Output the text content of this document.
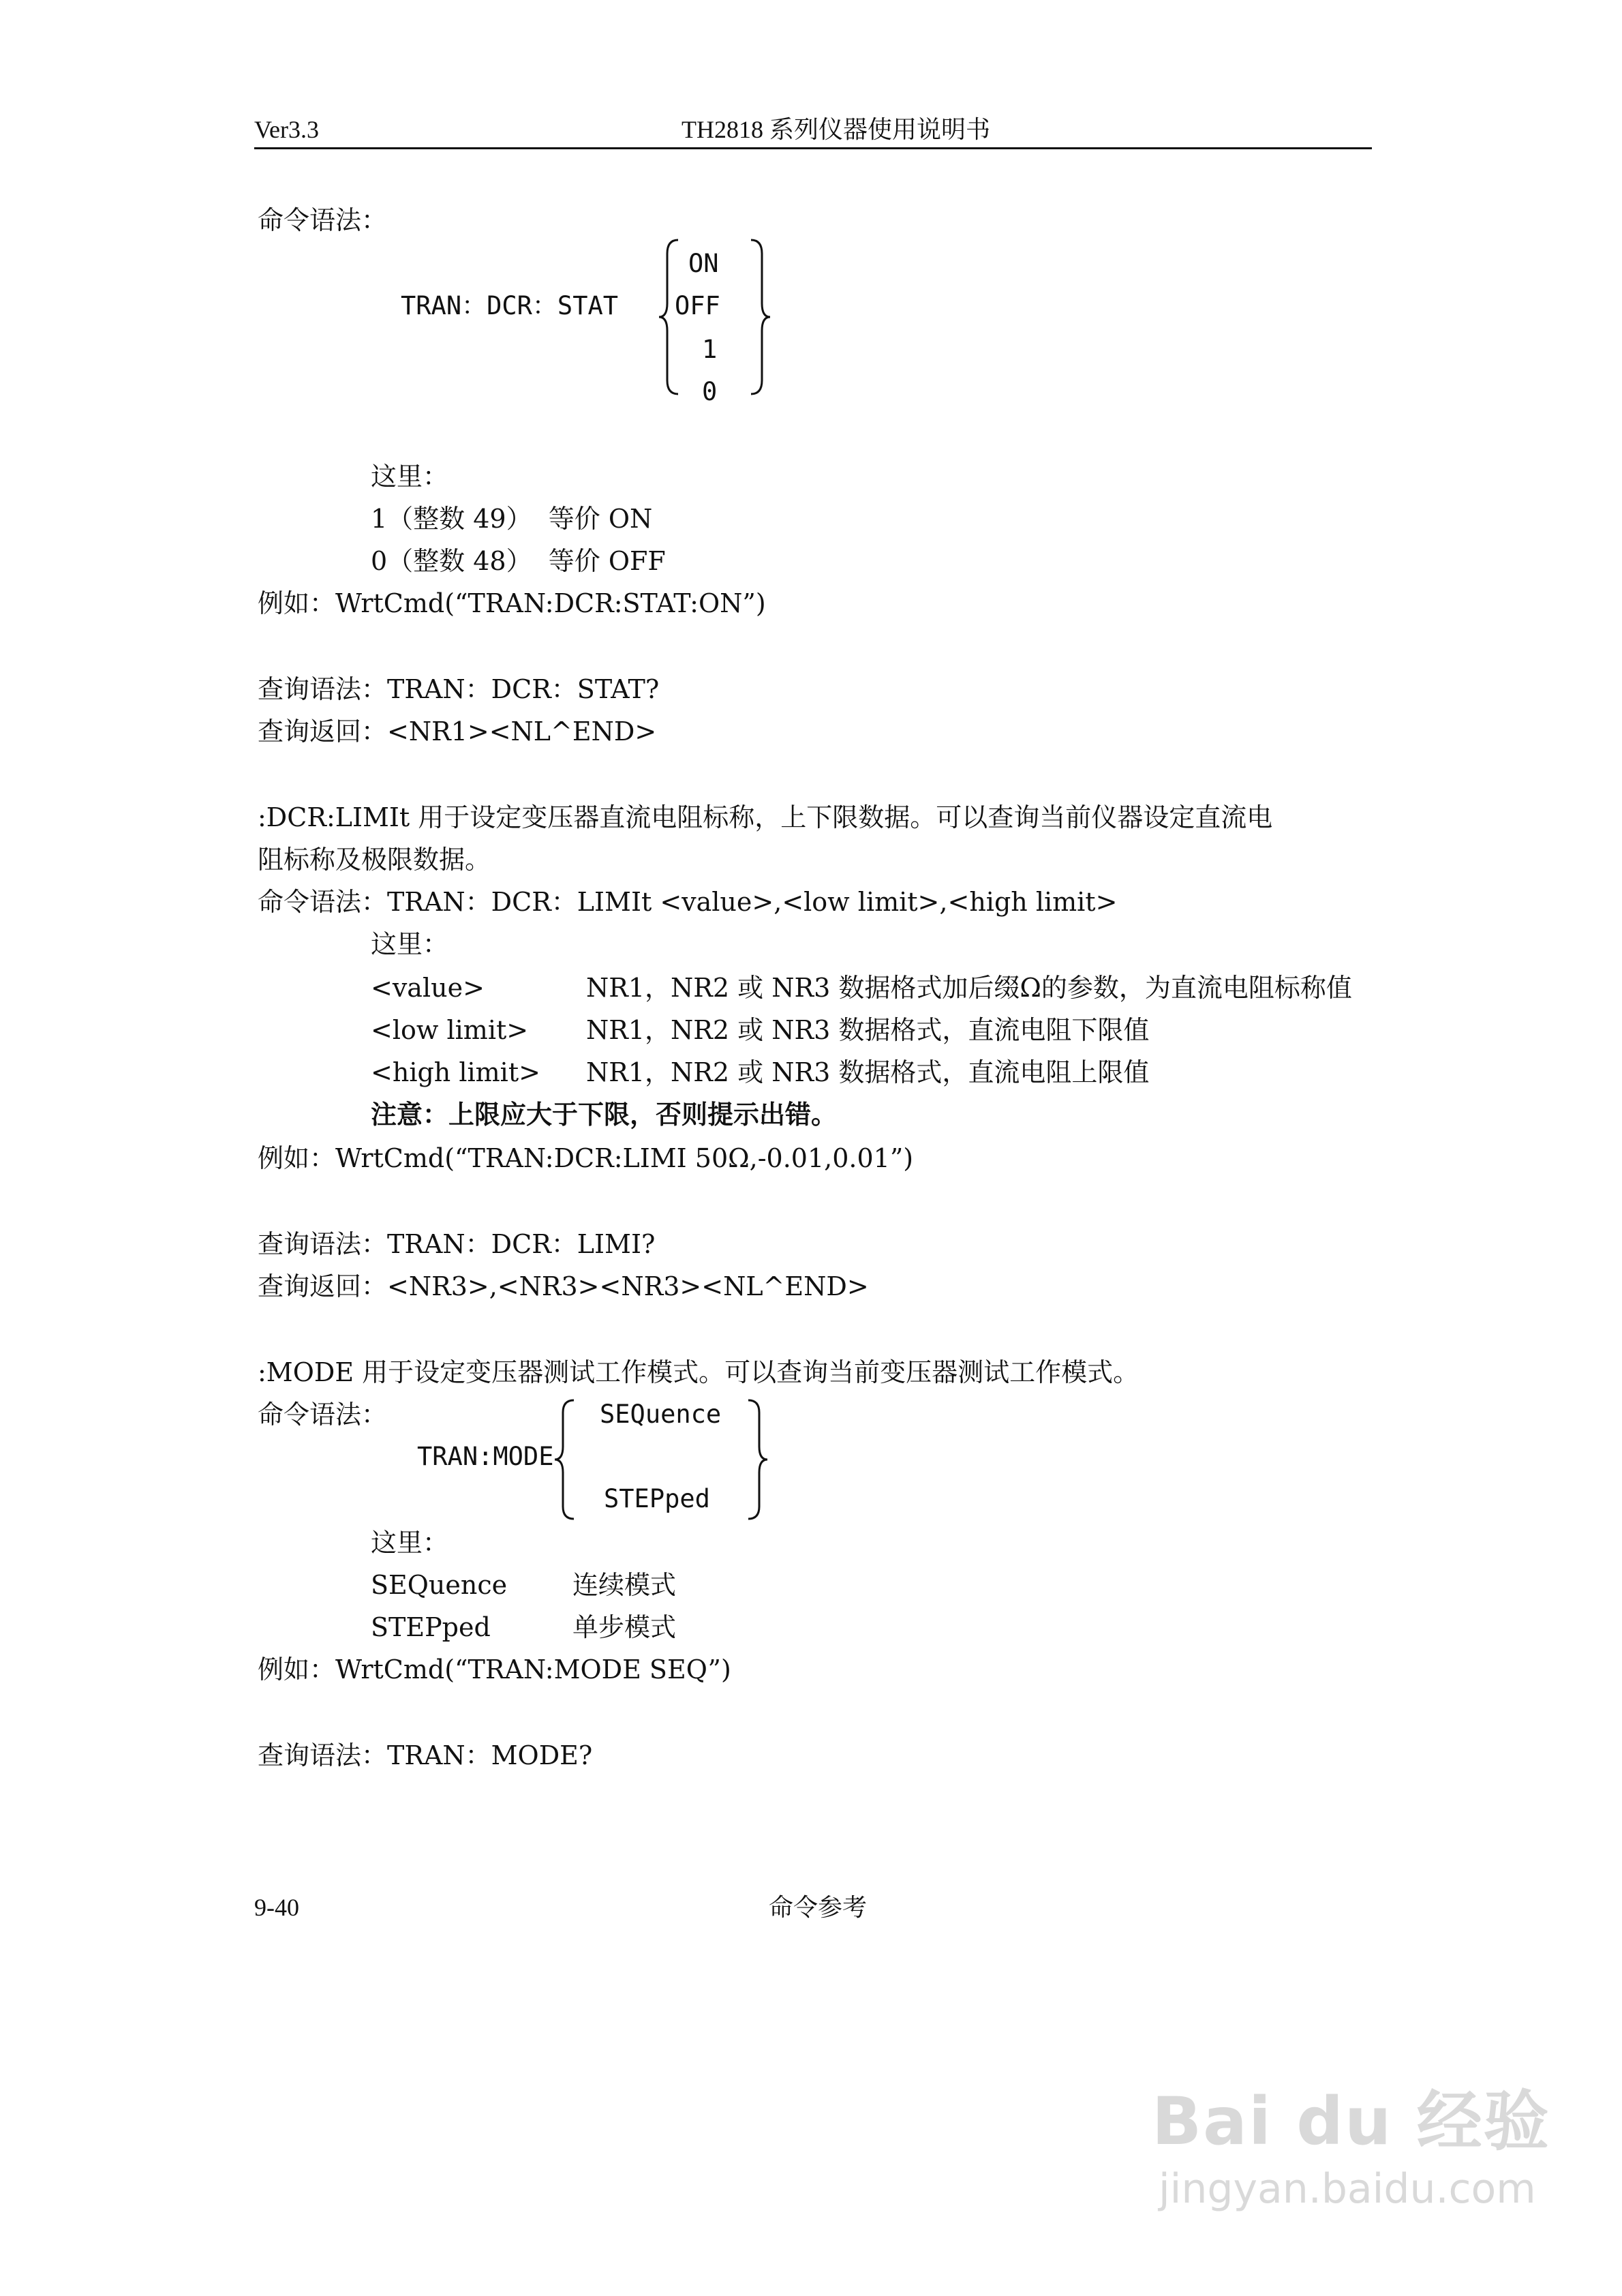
Ver3.3	TH2818 系列仪器使用说明书
命令语法：
TRAN：DCR：STAT
ON
OFF
1
0
这里：
1（整数 49）  等价 ON
0（整数 48）  等价 OFF
例如：WrtCmd(“TRAN:DCR:STAT:ON”)
查询语法：TRAN：DCR：STAT?
查询返回：<NR1><NL^END>
:DCR:LIMIt 用于设定变压器直流电阻标称，上下限数据。可以查询当前仪器设定直流电
阻标称及极限数据。
命令语法：TRAN：DCR：LIMIt <value>,<low limit>,<high limit>
这里：
<value>	NR1，NR2 或 NR3 数据格式加后缀Ω的参数，为直流电阻标称值
<low limit> NR1，NR2 或 NR3 数据格式，直流电阻下限值
<high limit> NR1，NR2 或 NR3 数据格式，直流电阻上限值
注意：上限应大于下限，否则提示出错。
例如：WrtCmd(“TRAN:DCR:LIMI 50Ω,-0.01,0.01”)
查询语法：TRAN：DCR：LIMI?
查询返回：<NR3>,<NR3><NR3><NL^END>
:MODE 用于设定变压器测试工作模式。可以查询当前变压器测试工作模式。
命令语法：
TRAN:MODE
SEQuence
STEPped
这里：
SEQuence	连续模式
STEPped	单步模式
例如：WrtCmd(“TRAN:MODE SEQ”)
查询语法：TRAN：MODE?
9-40	命令参考
Bai du 经验
jingyan.baidu.com
